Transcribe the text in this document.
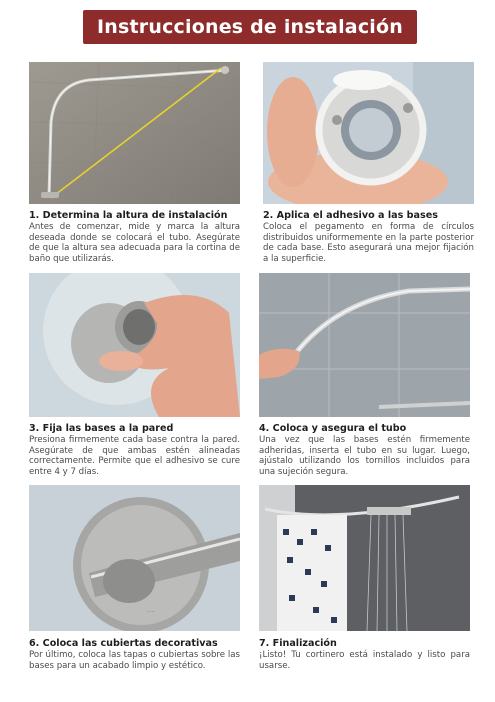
Instrucciones de instalación
·····
1. Determina la altura de instalación
Antes de comenzar, mide y marca la altura deseada donde se colocará el tubo. Asegúrate de que la altura sea adecuada para la cortina de baño que utilizarás.
2. Aplica el adhesivo a las bases
Coloca el pegamento en forma de círculos distribuidos uniformemente en la parte posterior de cada base. Esto asegurará una mejor fijación a la superficie.
3. Fija las bases a la pared
Presiona firmemente cada base contra la pared. Asegúrate de que ambas estén alineadas correctamente. Permite que el adhesivo se cure entre 4 y 7 días.
4. Coloca y asegura el tubo
Una vez que las bases estén firmemente adheridas, inserta el tubo en su lugar. Luego, ajústalo utilizando los tornillos incluidos para una sujeción segura.
6. Coloca las cubiertas decorativas
Por último, coloca las tapas o cubiertas sobre las bases para un acabado limpio y estético.
7. Finalización
¡Listo! Tu cortinero está instalado y listo para usarse.
